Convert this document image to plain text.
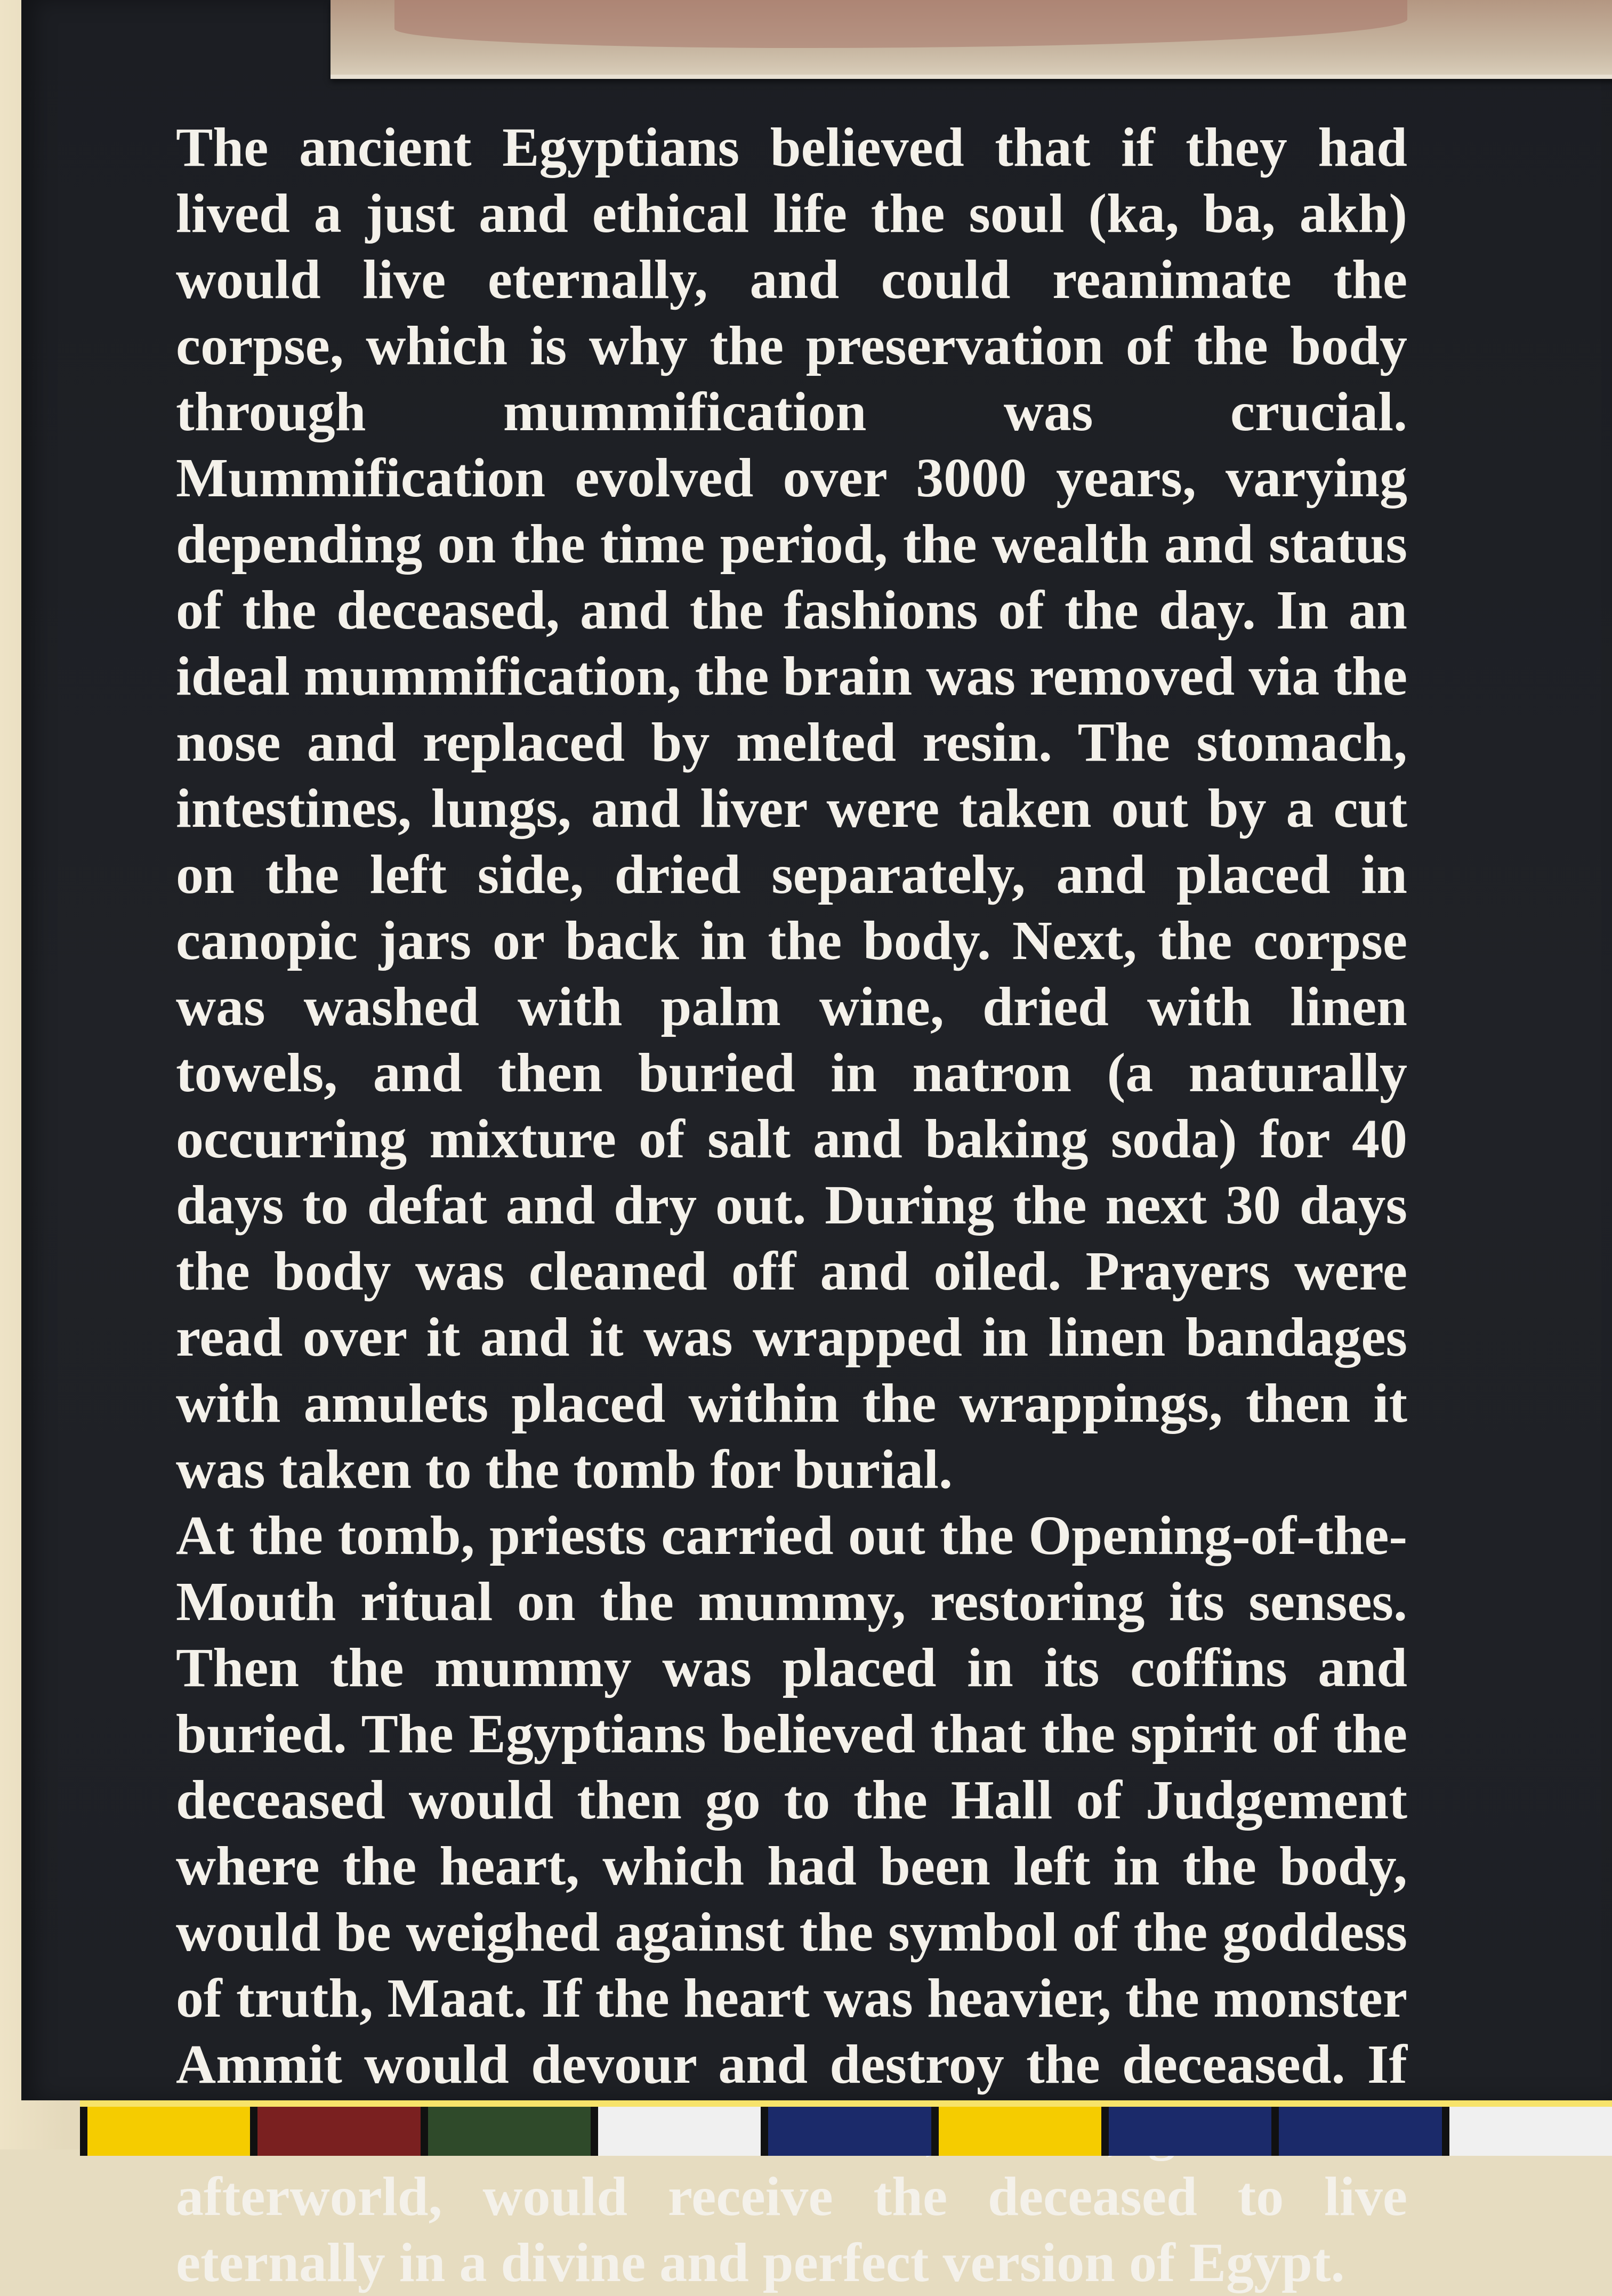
The ancient Egyptians believed that if they had lived a just and ethical life the soul (ka, ba, akh) would live eternally, and could reanimate the corpse, which is why the preservation of the body through mummification was crucial. Mummification evolved over 3000 years, varying depending on the time period, the wealth and status of the deceased, and the fashions of the day. In an ideal mummification, the brain was removed via the nose and replaced by melted resin. The stomach, intestines, lungs, and liver were taken out by a cut on the left side, dried separately, and placed in canopic jars or back in the body. Next, the corpse was washed with palm wine, dried with linen towels, and then buried in natron (a naturally occurring mixture of salt and baking soda) for 40 days to defat and dry out. During the next 30 days the body was cleaned off and oiled. Prayers were read over it and it was wrapped in linen bandages with amulets placed within the wrappings, then it was taken to the tomb for burial.

At the tomb, priests carried out the Opening-of-the-Mouth ritual on the mummy, restoring its senses. Then the mummy was placed in its coffins and buried. The Egyptians believed that the spirit of the deceased would then go to the Hall of Judgement where the heart, which had been left in the body, would be weighed against the symbol of the goddess of truth, Maat. If the heart was heavier, the monster Ammit would devour and destroy the deceased. If afterworld, would receive the deceased to live eternally in a divine and perfect version of Egypt.
